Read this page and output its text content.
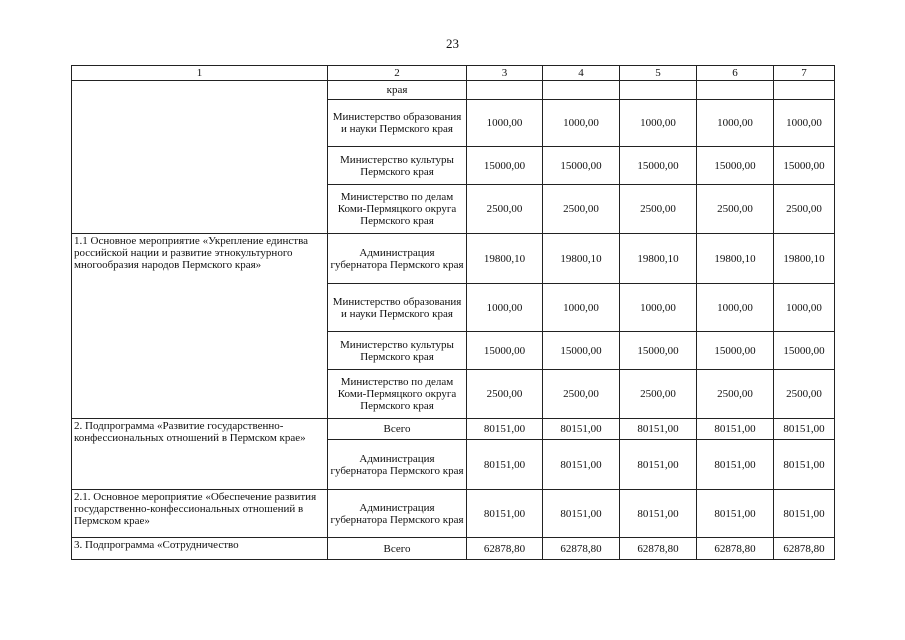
23
1	2	3	4	5	6	7
	края					
	Министерство образования и науки Пермского края	1000,00	1000,00	1000,00	1000,00	1000,00
	Министерство культуры Пермского края	15000,00	15000,00	15000,00	15000,00	15000,00
	Министерство по делам Коми-Пермяцкого округа Пермского края	2500,00	2500,00	2500,00	2500,00	2500,00
1.1 Основное мероприятие «Укрепление единства российской нации и развитие этнокультурного многообразия народов Пермского края»	Администрация губернатора Пермского края	19800,10	19800,10	19800,10	19800,10	19800,10
	Министерство образования и науки Пермского края	1000,00	1000,00	1000,00	1000,00	1000,00
	Министерство культуры Пермского края	15000,00	15000,00	15000,00	15000,00	15000,00
	Министерство по делам Коми-Пермяцкого округа Пермского края	2500,00	2500,00	2500,00	2500,00	2500,00
2. Подпрограмма «Развитие государственно-конфессиональных отношений в Пермском крае»	Всего	80151,00	80151,00	80151,00	80151,00	80151,00
	Администрация губернатора Пермского края	80151,00	80151,00	80151,00	80151,00	80151,00
2.1. Основное мероприятие «Обеспечение развития государственно-конфессиональных отношений в Пермском крае»	Администрация губернатора Пермского края	80151,00	80151,00	80151,00	80151,00	80151,00
3. Подпрограмма «Сотрудничество	Всего	62878,80	62878,80	62878,80	62878,80	62878,80
